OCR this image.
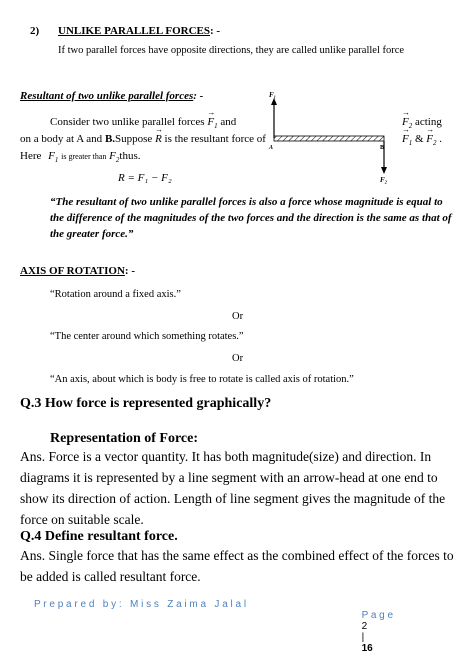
2) UNLIKE PARALLEL FORCES: -
If two parallel forces have opposite directions, they are called unlike parallel force
Resultant of two unlike parallel forces: -
Consider two unlike parallel forces → $F_1$ and
on a body at A and B.Suppose → R is the resultant force of
Here $F_1$ is greater than $F_2thus$.
→ $F_2$ acting
→ $F_1$ & → $F_2$ .
F₁
A	B
F₂
R = F₁ − F₂
“The resultant of two unlike parallel forces is also a force whose magnitude is equal to the difference of the magnitudes of the two forces and the direction is the same as that of the greater force.”
AXIS OF ROTATION: -
“Rotation around a fixed axis.”
Or
“The center around which something rotates.”
Or
“An axis, about which is body is free to rotate is called axis of rotation.”
Q.3 How force is represented graphically?
Representation of Force:
Ans. Force is a vector quantity. It has both magnitude(size) and direction. In diagrams it is represented by a line segment with an arrow-head at one end to show its direction of action. Length of line segment gives the magnitude of the force on suitable scale.
Q.4 Define resultant force.
Ans. Single force that has the same effect as the combined effect of the forces to be added is called resultant force.
P r e p a r e d   b y :   M i s s   Z a i m a   J a l a l

P a g e
2
|
16
